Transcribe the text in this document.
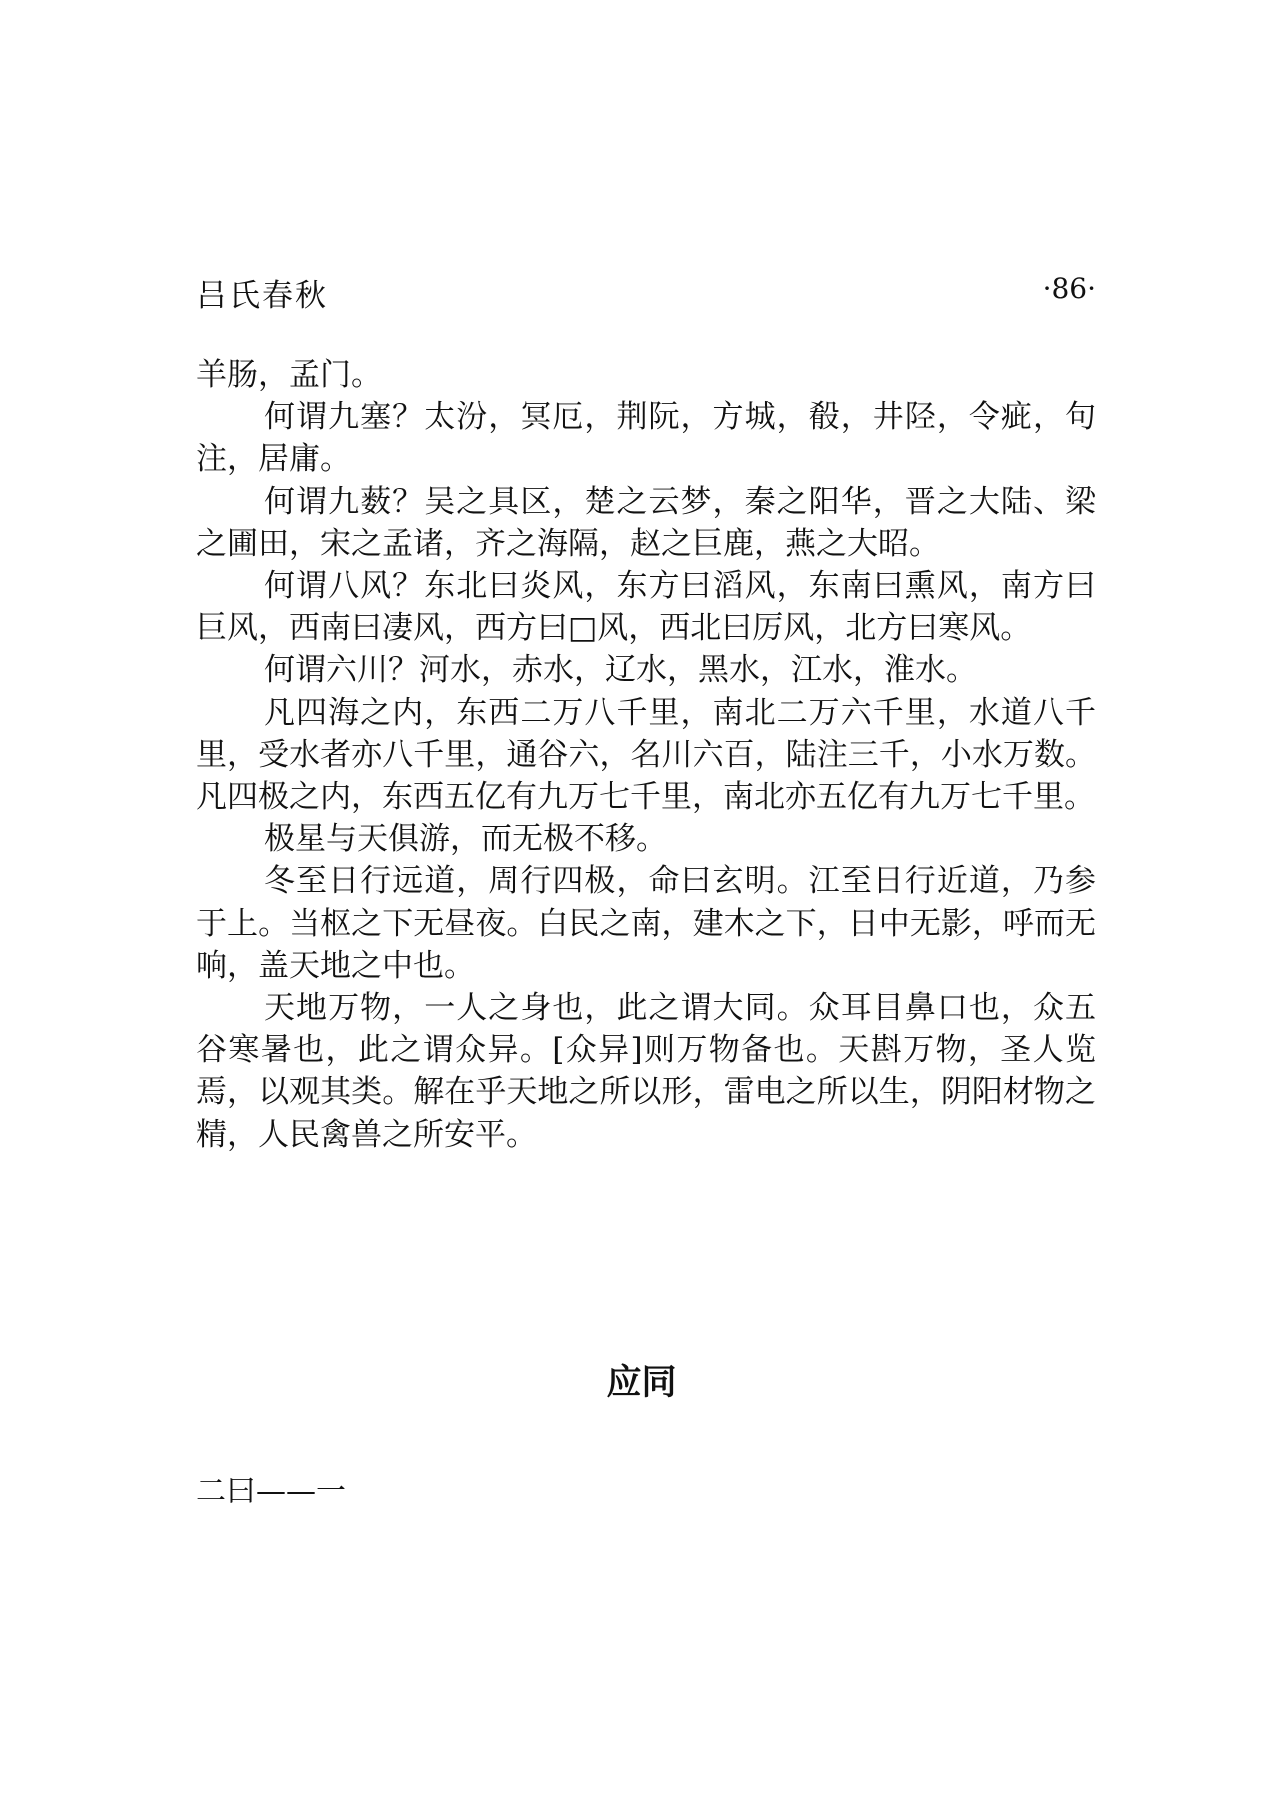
吕氏春秋	·86·

羊肠，孟门。

何谓九塞？太汾，冥厄，荆阮，方城，殽，井陉，令疵，句注，居庸。

何谓九薮？吴之具区，楚之云梦，秦之阳华，晋之大陆、梁之圃田，宋之孟诸，齐之海隔，赵之巨鹿，燕之大昭。

何谓八风？东北曰炎风，东方曰滔风，东南曰熏风，南方曰巨风，西南曰凄风，西方曰□风，西北曰厉风，北方曰寒风。

何谓六川？河水，赤水，辽水，黑水，江水，淮水。

凡四海之内，东西二万八千里，南北二万六千里，水道八千里，受水者亦八千里，通谷六，名川六百，陆注三千，小水万数。凡四极之内，东西五亿有九万七千里，南北亦五亿有九万七千里。

极星与天俱游，而无极不移。

冬至日行远道，周行四极，命曰玄明。江至日行近道，乃参于上。当枢之下无昼夜。白民之南，建木之下，日中无影，呼而无响，盖天地之中也。

天地万物，一人之身也，此之谓大同。众耳目鼻口也，众五谷寒暑也，此之谓众异。[众异]则万物备也。天斟万物，圣人览焉，以观其类。解在乎天地之所以形，雷电之所以生，阴阳材物之精，人民禽兽之所安平。

应同
二曰——一
